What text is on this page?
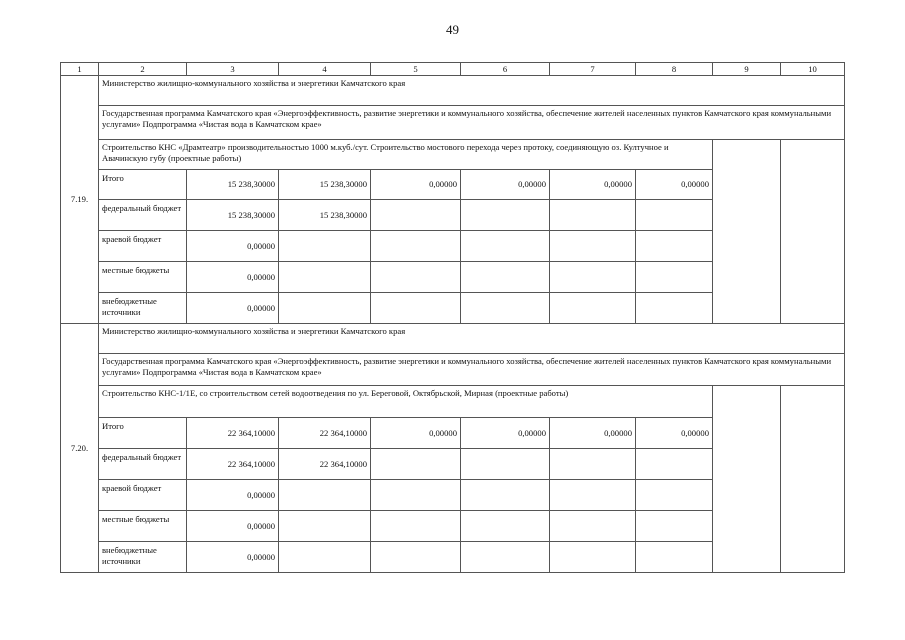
49
1	2	3	4	5	6	7	8	9	10
7.19.	Министерство жилищно-коммунального хозяйства и энергетики Камчатского края								
	Государственная программа Камчатского края «Энергоэффективность, развитие энергетики и коммунального хозяйства, обеспечение жителей населенных пунктов Камчатского края коммунальными услугами» Подпрограмма «Чистая вода в Камчатском крае»								
	Строительство КНС «Драмтеатр» производительностью 1000 м.куб./сут. Строительство мостового перехода через протоку, соединяющую оз. Култучное и Авачинскую губу (проектные работы)								
	Итого	15 238,30000	15 238,30000	0,00000	0,00000	0,00000	0,00000		
	федеральный бюджет	15 238,30000	15 238,30000						
	краевой бюджет	0,00000							
	местные бюджеты	0,00000							
	внебюджетные источники	0,00000							
7.20.	Министерство жилищно-коммунального хозяйства и энергетики Камчатского края								
	Государственная программа Камчатского края «Энергоэффективность, развитие энергетики и коммунального хозяйства, обеспечение жителей населенных пунктов Камчатского края коммунальными услугами» Подпрограмма «Чистая вода в Камчатском крае»								
	Строительство КНС-1/1Е, со строительством сетей водоотведения по ул. Береговой, Октябрьской, Мирная (проектные работы)								
	Итого	22 364,10000	22 364,10000	0,00000	0,00000	0,00000	0,00000		
	федеральный бюджет	22 364,10000	22 364,10000						
	краевой бюджет	0,00000							
	местные бюджеты	0,00000							
	внебюджетные источники	0,00000							
